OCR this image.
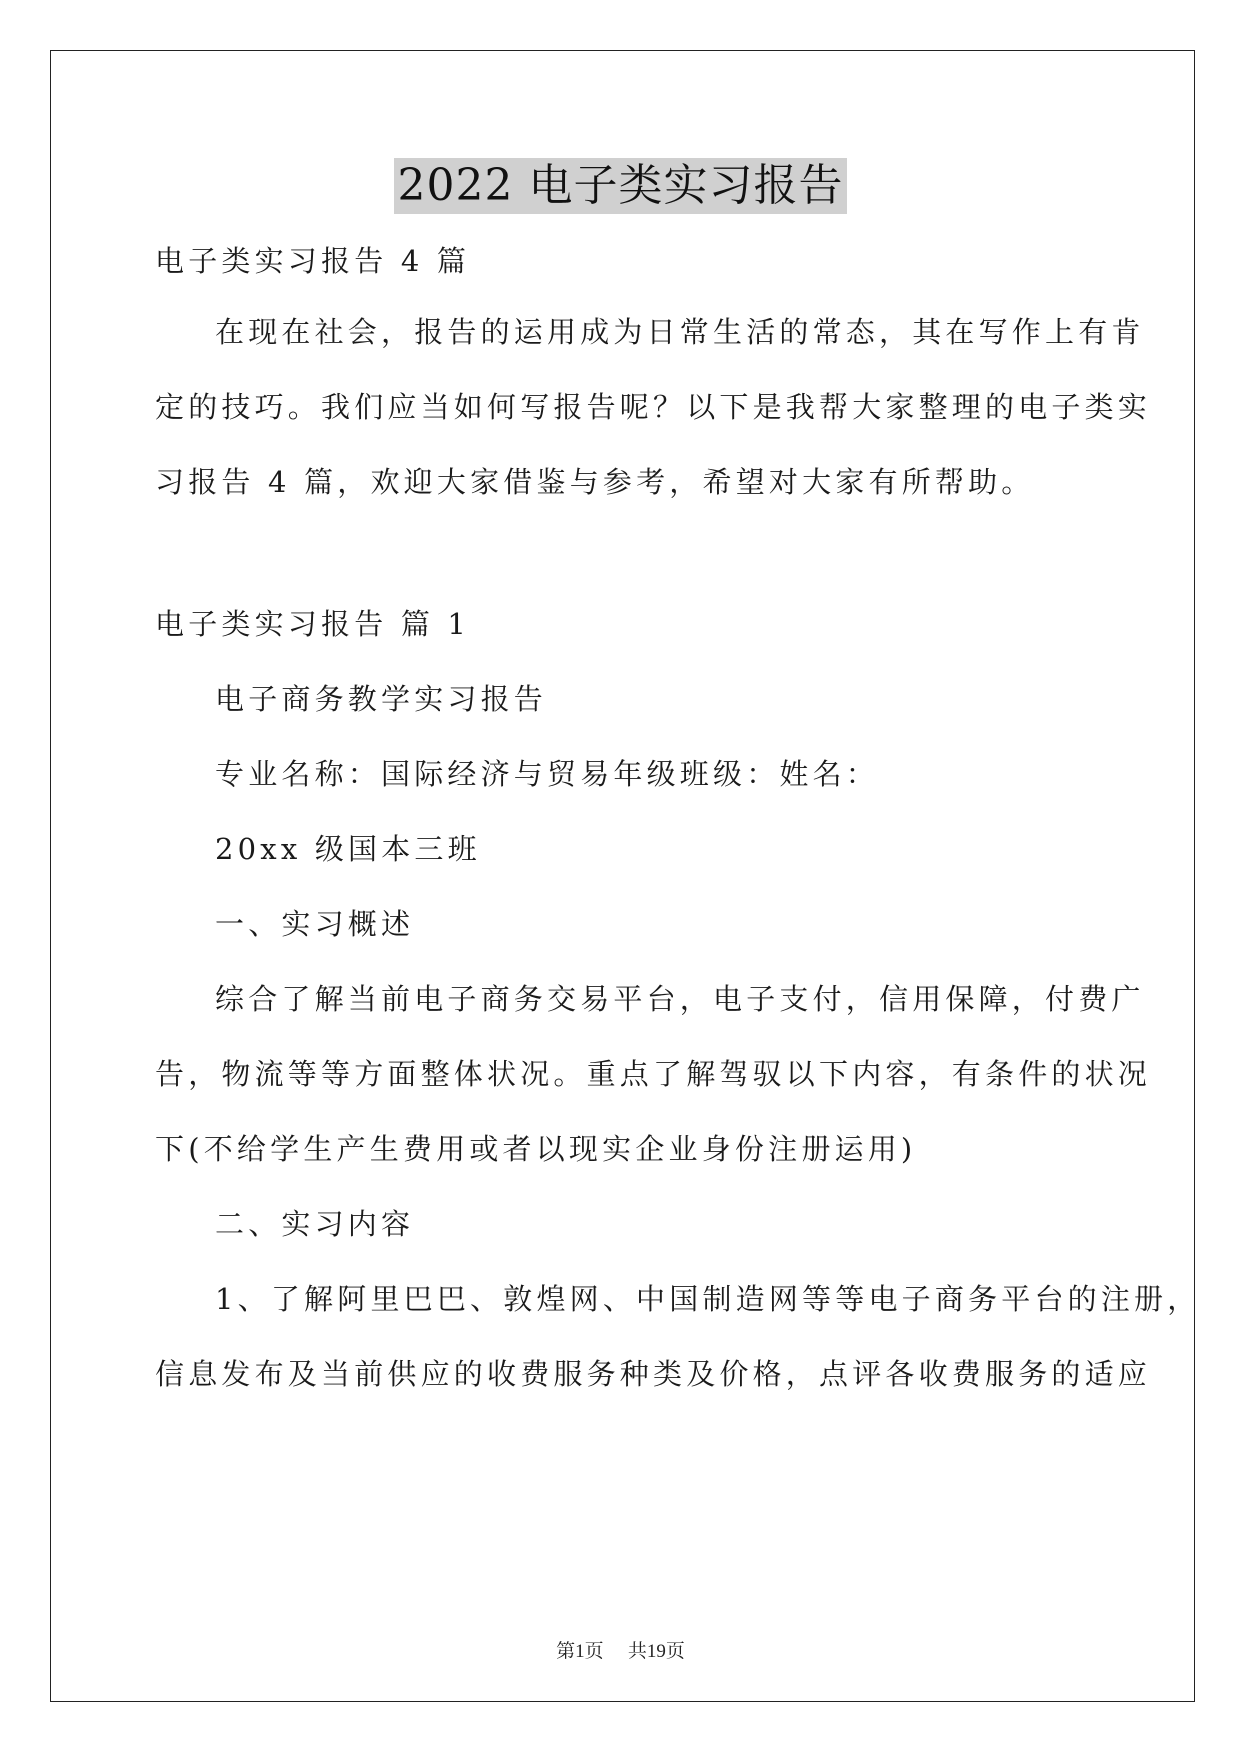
2022 电子类实习报告
电子类实习报告 4 篇
在现在社会，报告的运用成为日常生活的常态，其在写作上有肯
定的技巧。我们应当如何写报告呢？以下是我帮大家整理的电子类实
习报告 4 篇，欢迎大家借鉴与参考，希望对大家有所帮助。
电子类实习报告 篇 1
电子商务教学实习报告
专业名称：国际经济与贸易年级班级：姓名：
20xx 级国本三班
一、实习概述
综合了解当前电子商务交易平台，电子支付，信用保障，付费广
告，物流等等方面整体状况。重点了解驾驭以下内容，有条件的状况
下(不给学生产生费用或者以现实企业身份注册运用)
二、实习内容
1、了解阿里巴巴、敦煌网、中国制造网等等电子商务平台的注册，
信息发布及当前供应的收费服务种类及价格，点评各收费服务的适应
第1页    共19页
